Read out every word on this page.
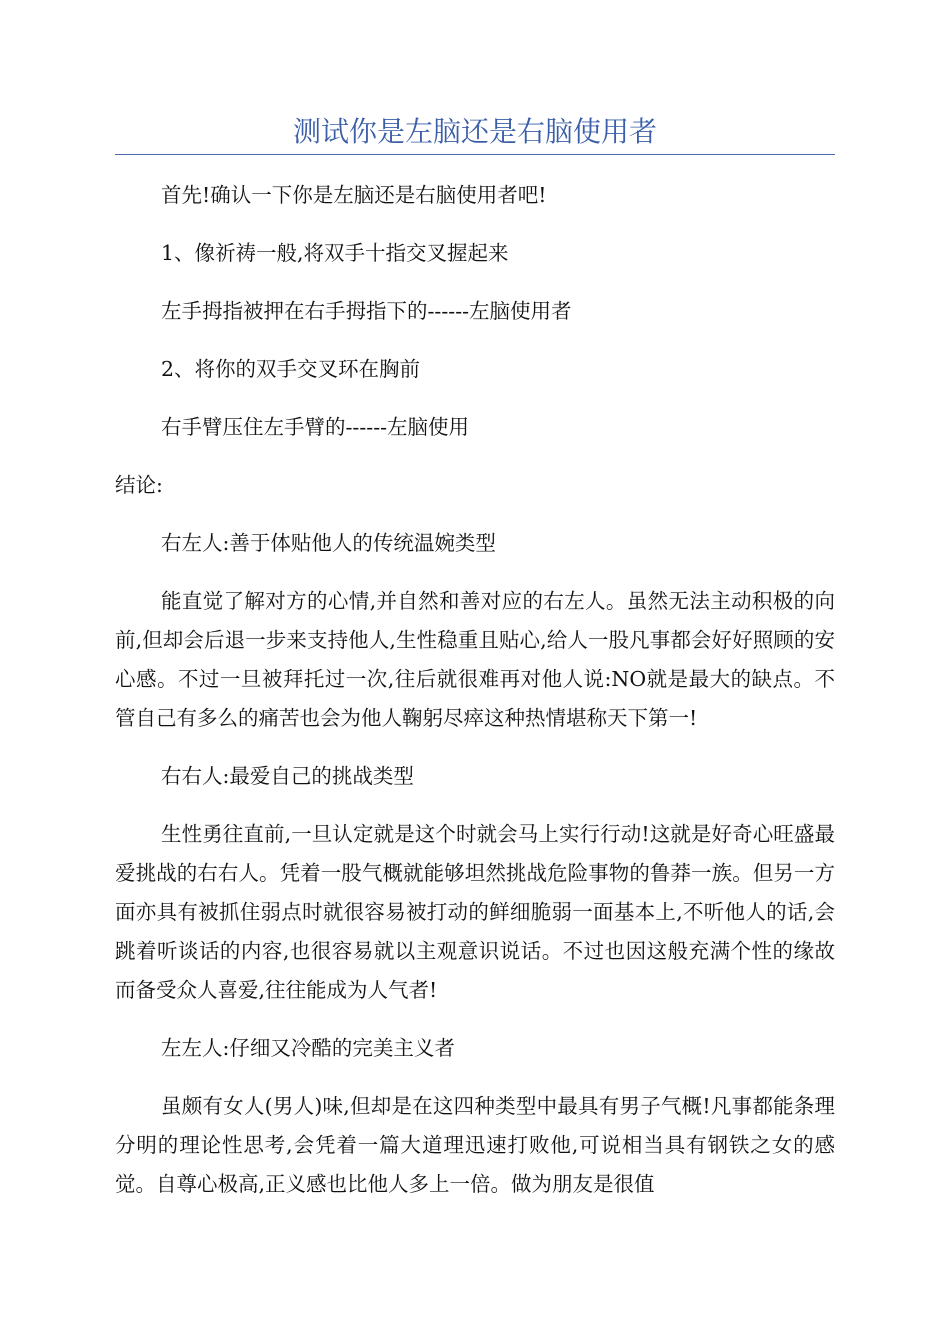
测试你是左脑还是右脑使用者

首先!确认一下你是左脑还是右脑使用者吧!

1、像祈祷一般,将双手十指交叉握起来

左手拇指被押在右手拇指下的------左脑使用者

2、将你的双手交叉环在胸前

右手臂压住左手臂的------左脑使用

结论:

右左人:善于体贴他人的传统温婉类型

能直觉了解对方的心情,并自然和善对应的右左人。虽然无法主动积极的向前,但却会后退一步来支持他人,生性稳重且贴心,给人一股凡事都会好好照顾的安心感。不过一旦被拜托过一次,往后就很难再对他人说:NO就是最大的缺点。不管自己有多么的痛苦也会为他人鞠躬尽瘁这种热情堪称天下第一!

右右人:最爱自己的挑战类型

生性勇往直前,一旦认定就是这个时就会马上实行行动!这就是好奇心旺盛最爱挑战的右右人。凭着一股气概就能够坦然挑战危险事物的鲁莽一族。但另一方面亦具有被抓住弱点时就很容易被打动的鲜细脆弱一面基本上,不听他人的话,会跳着听谈话的内容,也很容易就以主观意识说话。不过也因这般充满个性的缘故而备受众人喜爱,往往能成为人气者!

左左人:仔细又冷酷的完美主义者

虽颇有女人(男人)味,但却是在这四种类型中最具有男子气概!凡事都能条理分明的理论性思考,会凭着一篇大道理迅速打败他,可说相当具有钢铁之女的感觉。自尊心极高,正义感也比他人多上一倍。做为朋友是很值
